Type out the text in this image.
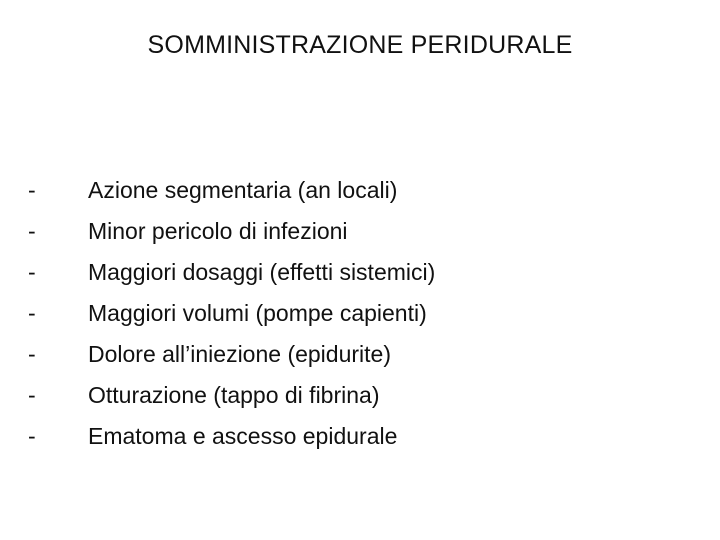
SOMMINISTRAZIONE PERIDURALE
-	Azione segmentaria (an locali)
-	Minor pericolo di infezioni
-	Maggiori dosaggi (effetti sistemici)
-	Maggiori volumi (pompe capienti)
-	Dolore all’iniezione (epidurite)
-	Otturazione (tappo di fibrina)
-	Ematoma e ascesso epidurale
